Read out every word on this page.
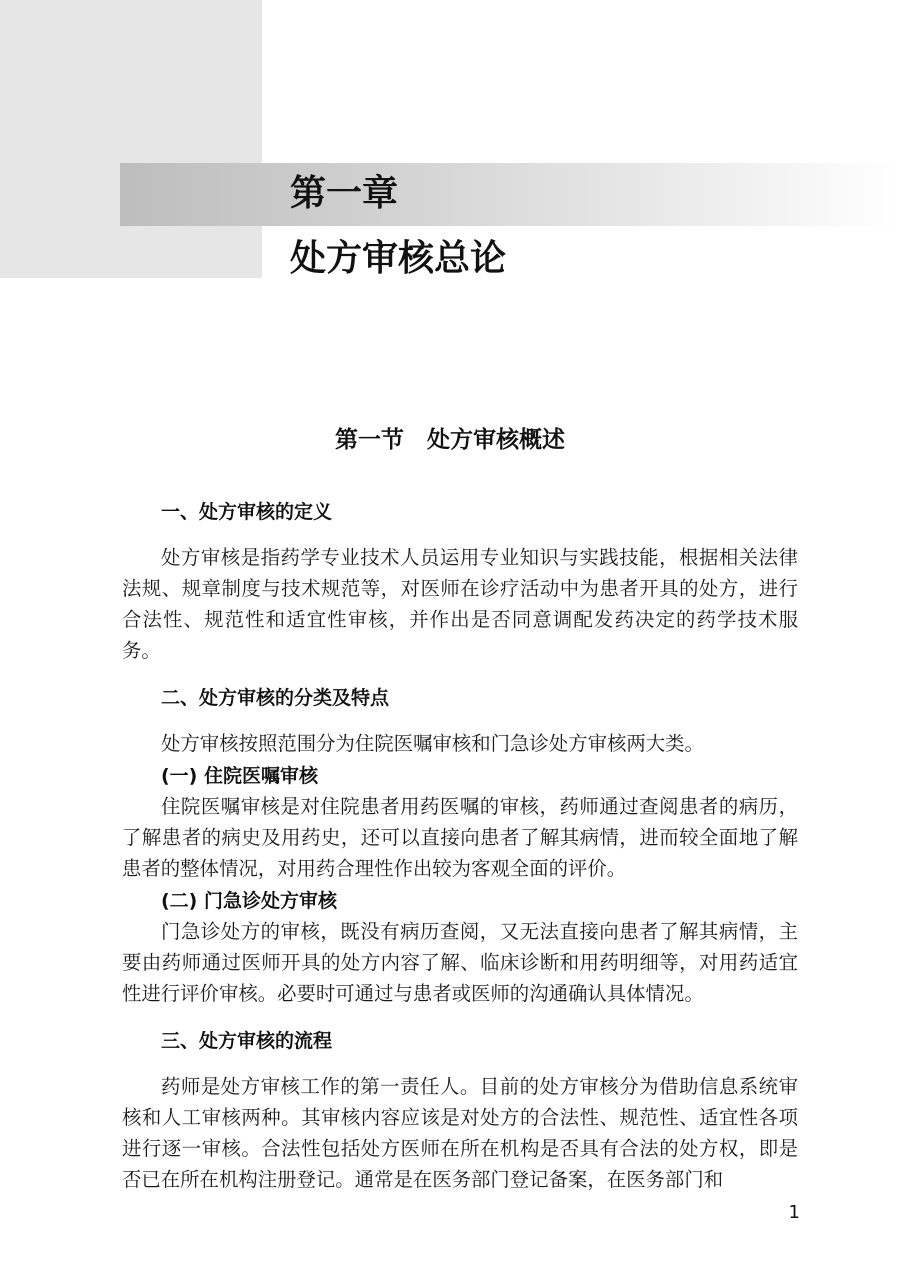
第一章
处方审核总论
第一节　处方审核概述
一、处方审核的定义

处方审核是指药学专业技术人员运用专业知识与实践技能，根据相关法律法规、规章制度与技术规范等，对医师在诊疗活动中为患者开具的处方，进行合法性、规范性和适宜性审核，并作出是否同意调配发药决定的药学技术服务。

二、处方审核的分类及特点

处方审核按照范围分为住院医嘱审核和门急诊处方审核两大类。

(一) 住院医嘱审核

住院医嘱审核是对住院患者用药医嘱的审核，药师通过查阅患者的病历，了解患者的病史及用药史，还可以直接向患者了解其病情，进而较全面地了解患者的整体情况，对用药合理性作出较为客观全面的评价。

(二) 门急诊处方审核

门急诊处方的审核，既没有病历查阅，又无法直接向患者了解其病情，主要由药师通过医师开具的处方内容了解、临床诊断和用药明细等，对用药适宜性进行评价审核。必要时可通过与患者或医师的沟通确认具体情况。

三、处方审核的流程

药师是处方审核工作的第一责任人。目前的处方审核分为借助信息系统审核和人工审核两种。其审核内容应该是对处方的合法性、规范性、适宜性各项进行逐一审核。合法性包括处方医师在所在机构是否具有合法的处方权，即是否已在所在机构注册登记。通常是在医务部门登记备案，在医务部门和

1
